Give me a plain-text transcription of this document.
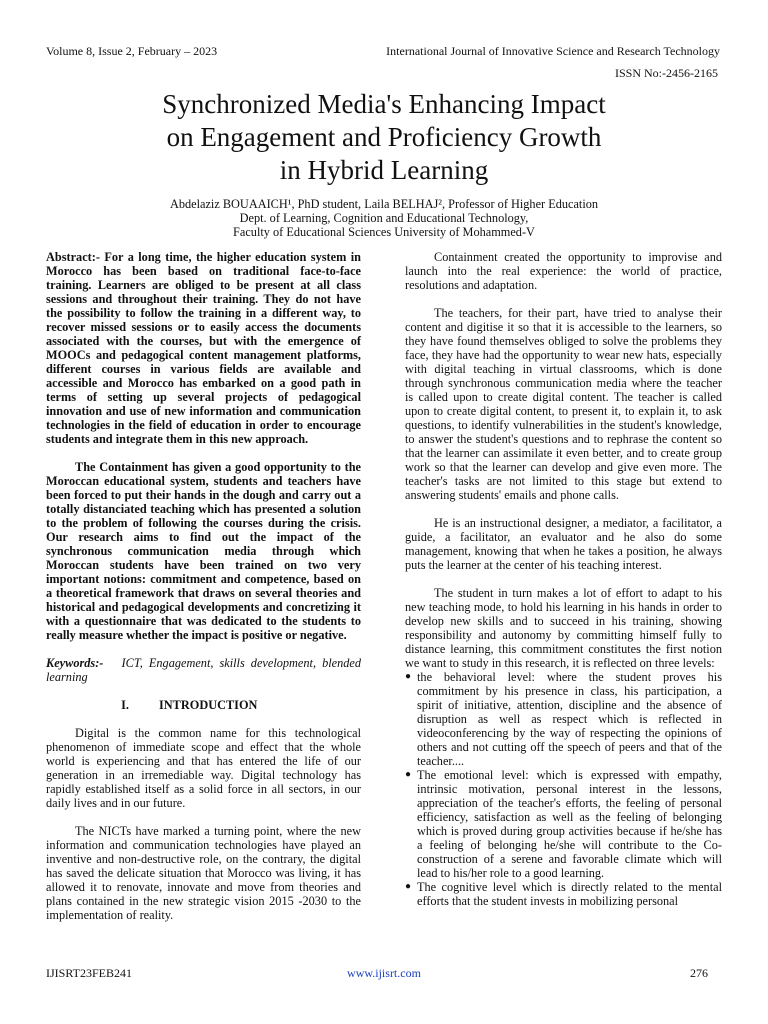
Volume 8, Issue 2, February – 2023	International Journal of Innovative Science and Research Technology
ISSN No:-2456-2165
Synchronized Media's Enhancing Impact
on Engagement and Proficiency Growth
in Hybrid Learning
Abdelaziz BOUAAICH¹, PhD student, Laila BELHAJ², Professor of Higher Education
Dept. of Learning, Cognition and Educational Technology,
Faculty of Educational Sciences University of Mohammed-V

Abstract:- For a long time, the higher education system in Morocco has been based on traditional face-to-face training. Learners are obliged to be present at all class sessions and throughout their training. They do not have the possibility to follow the training in a different way, to recover missed sessions or to easily access the documents associated with the courses, but with the emergence of MOOCs and pedagogical content management platforms, different courses in various fields are available and accessible and Morocco has embarked on a good path in terms of setting up several projects of pedagogical innovation and use of new information and communication technologies in the field of education in order to encourage students and integrate them in this new approach.

The Containment has given a good opportunity to the Moroccan educational system, students and teachers have been forced to put their hands in the dough and carry out a totally distanciated teaching which has presented a solution to the problem of following the courses during the crisis. Our research aims to find out the impact of the synchronous communication media through which Moroccan students have been trained on two very important notions: commitment and competence, based on a theoretical framework that draws on several theories and historical and pedagogical developments and concretizing it with a questionnaire that was dedicated to the students to really measure whether the impact is positive or negative.

Keywords:- ICT, Engagement, skills development, blended learning

I.	INTRODUCTION

Digital is the common name for this technological phenomenon of immediate scope and effect that the whole world is experiencing and that has entered the life of our generation in an irremediable way. Digital technology has rapidly established itself as a solid force in all sectors, in our daily lives and in our future.

The NICTs have marked a turning point, where the new information and communication technologies have played an inventive and non-destructive role, on the contrary, the digital has saved the delicate situation that Morocco was living, it has allowed it to renovate, innovate and move from theories and plans contained in the new strategic vision 2015 -2030 to the implementation of reality.

Containment created the opportunity to improvise and launch into the real experience: the world of practice, resolutions and adaptation.

The teachers, for their part, have tried to analyse their content and digitise it so that it is accessible to the learners, so they have found themselves obliged to solve the problems they face, they have had the opportunity to wear new hats, especially with digital teaching in virtual classrooms, which is done through synchronous communication media where the teacher is called upon to create digital content. The teacher is called upon to create digital content, to present it, to explain it, to ask questions, to identify vulnerabilities in the student's knowledge, to answer the student's questions and to rephrase the content so that the learner can assimilate it even better, and to create group work so that the learner can develop and give even more. The teacher's tasks are not limited to this stage but extend to answering students' emails and phone calls.

He is an instructional designer, a mediator, a facilitator, a guide, a facilitator, an evaluator and he also do some management, knowing that when he takes a position, he always puts the learner at the center of his teaching interest.

The student in turn makes a lot of effort to adapt to his new teaching mode, to hold his learning in his hands in order to develop new skills and to succeed in his training, showing responsibility and autonomy by committing himself fully to distance learning, this commitment constitutes the first notion we want to study in this research, it is reflected on three levels:

● the behavioral level: where the student proves his commitment by his presence in class, his participation, a spirit of initiative, attention, discipline and the absence of disruption as well as respect which is reflected in videoconferencing by the way of respecting the opinions of others and not cutting off the speech of peers and that of the teacher....
● The emotional level: which is expressed with empathy, intrinsic motivation, personal interest in the lessons, appreciation of the teacher's efforts, the feeling of personal efficiency, satisfaction as well as the feeling of belonging which is proved during group activities because if he/she has a feeling of belonging he/she will contribute to the Co-construction of a serene and favorable climate which will lead to his/her role to a good learning.
● The cognitive level which is directly related to the mental efforts that the student invests in mobilizing personal
IJISRT23FEB241	www.ijisrt.com	276
